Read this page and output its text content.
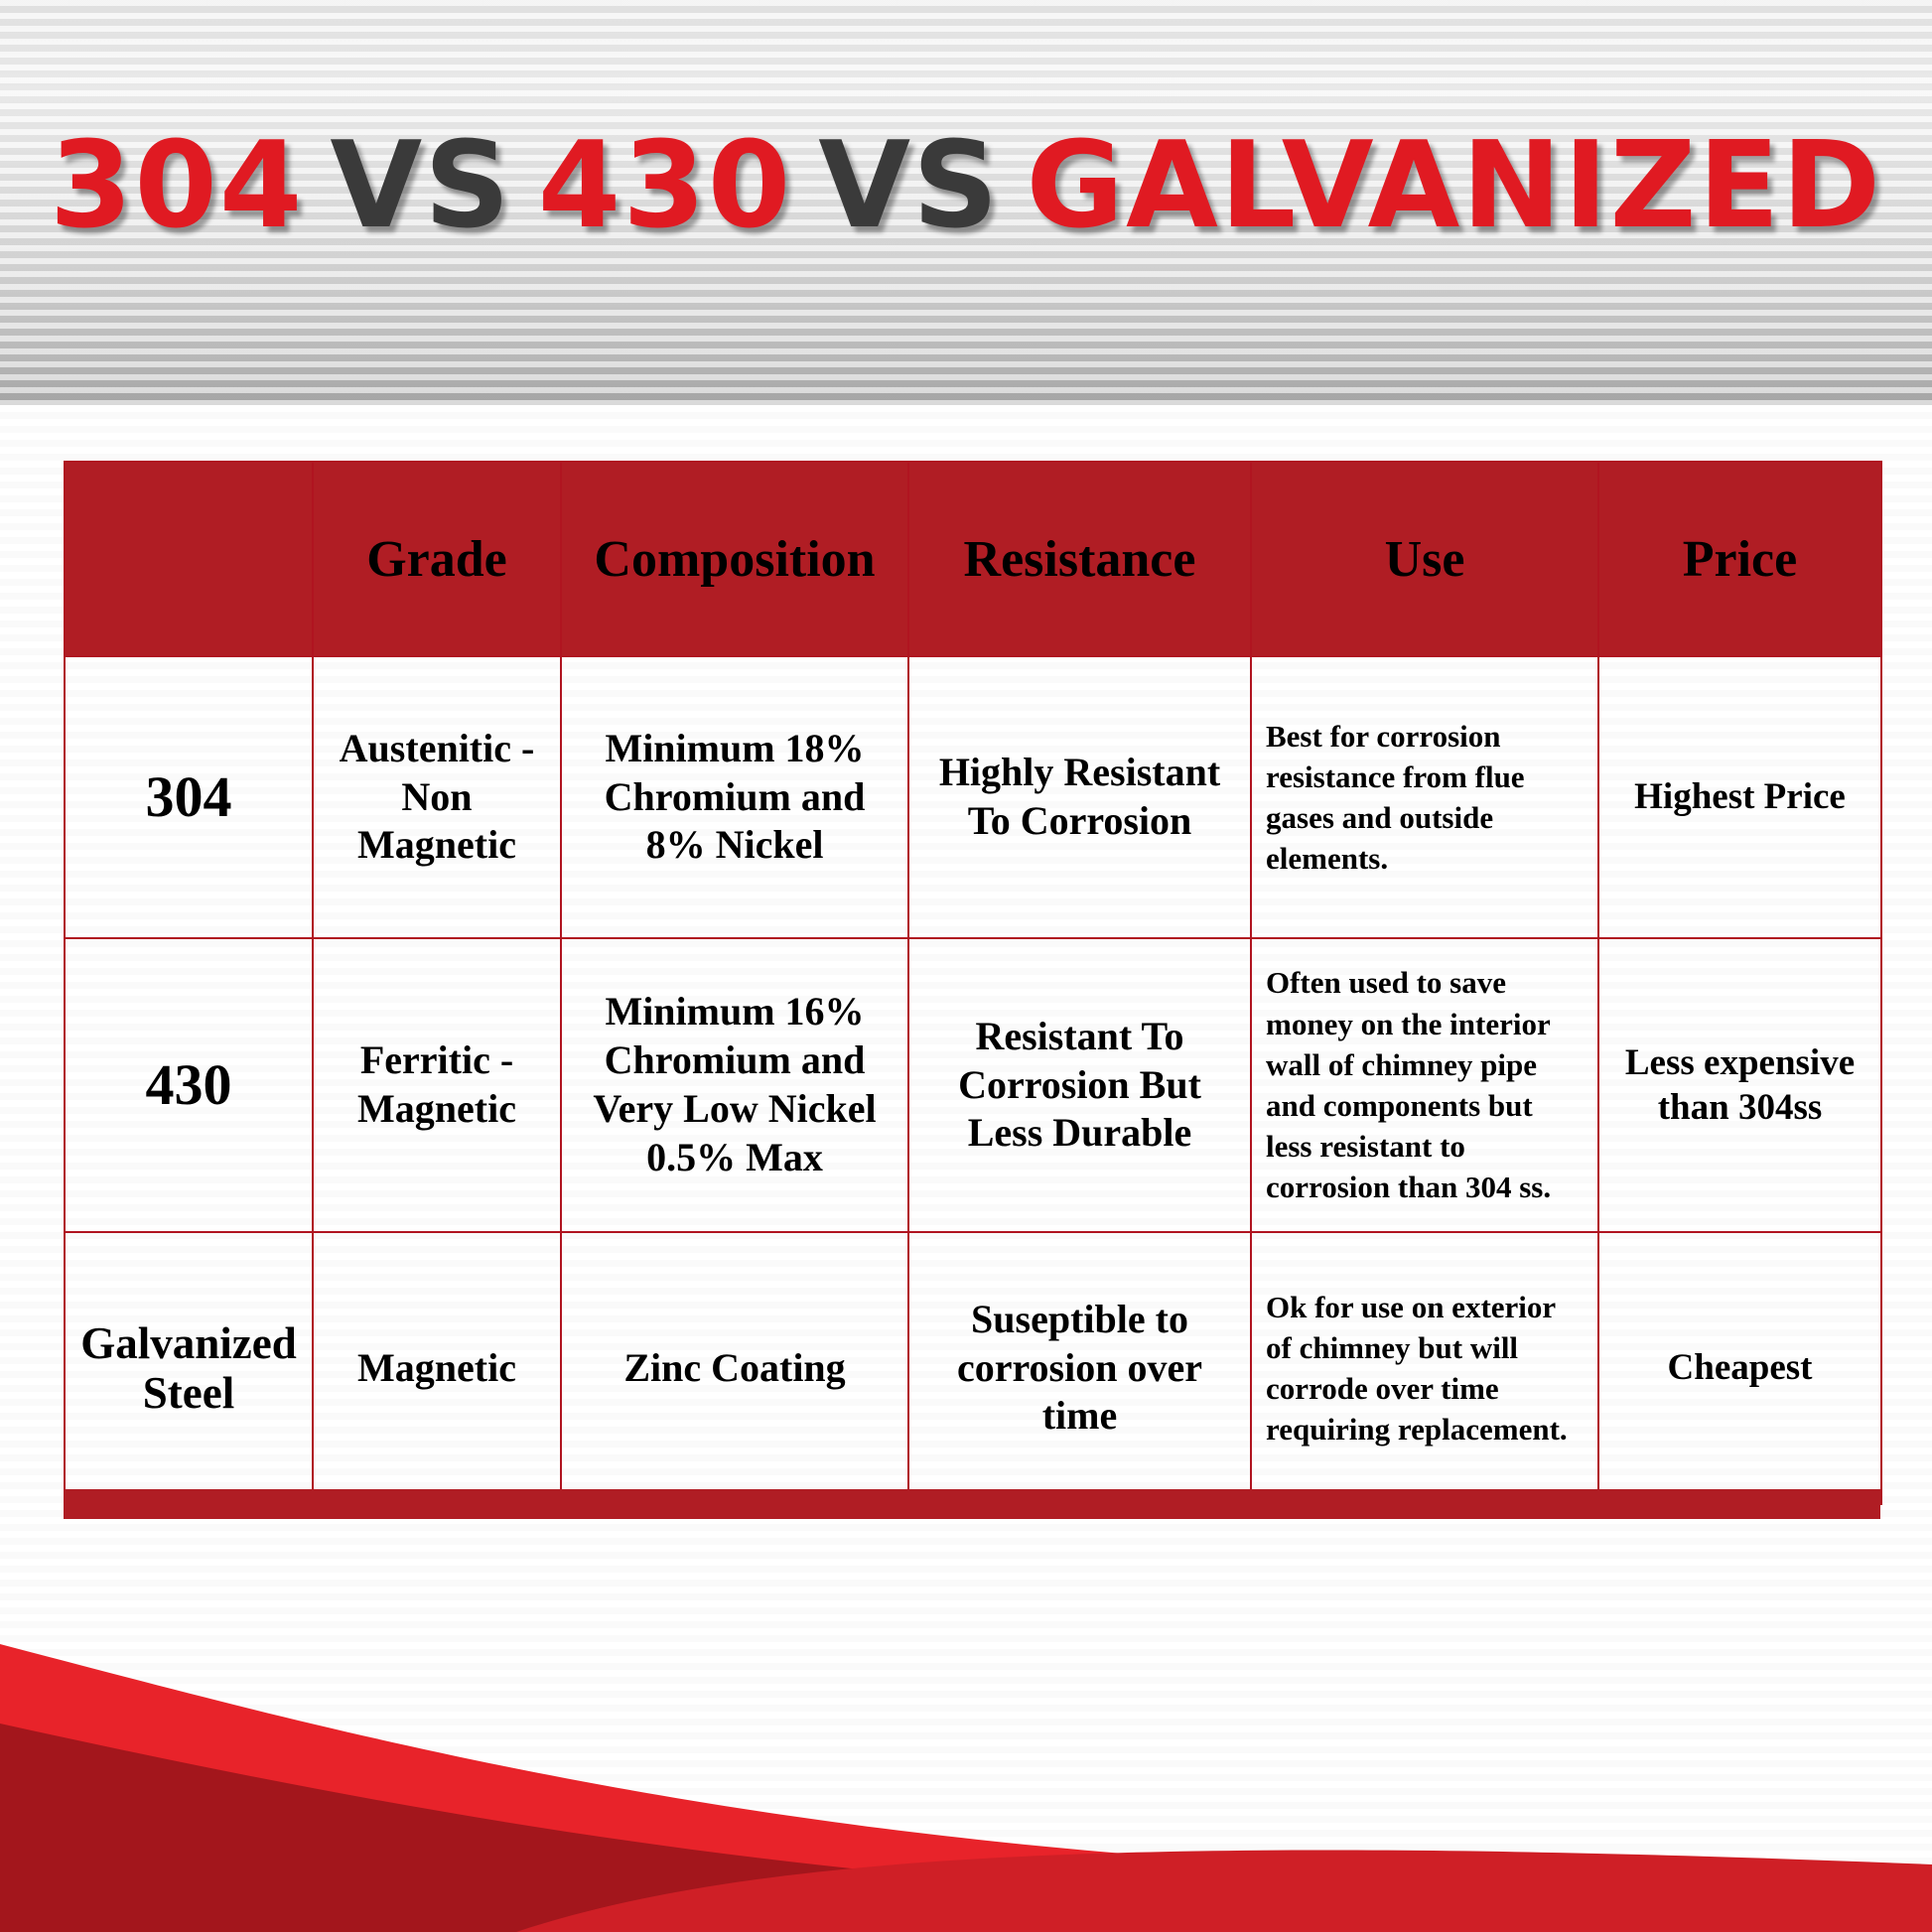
304 VS 430 VS GALVANIZED
	Grade	Composition	Resistance	Use	Price
304	Austenitic - Non Magnetic	Minimum 18% Chromium and 8% Nickel	Highly Resistant To Corrosion	Best for corrosion resistance from flue gases and outside elements.	Highest Price
430	Ferritic - Magnetic	Minimum 16% Chromium and Very Low Nickel 0.5% Max	Resistant To Corrosion But Less Durable	Often used to save money on the interior wall of chimney pipe and components but less resistant to corrosion than 304 ss.	Less expensive than 304ss
Galvanized Steel	Magnetic	Zinc Coating	Suseptible to corrosion over time	Ok for use on exterior of chimney but will corrode over time requiring replacement.	Cheapest
